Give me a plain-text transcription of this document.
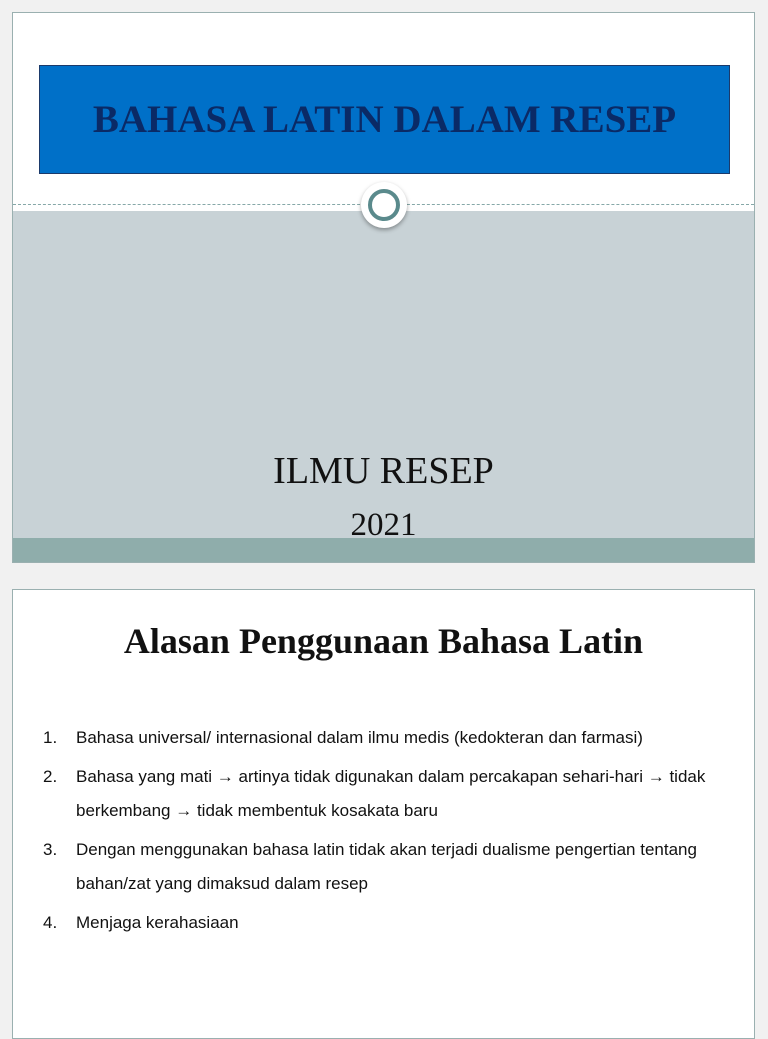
BAHASA LATIN DALAM RESEP
ILMU RESEP
2021
Alasan Penggunaan Bahasa Latin
1.	Bahasa universal/ internasional dalam ilmu medis (kedokteran dan farmasi)
2.	Bahasa yang mati → artinya tidak digunakan dalam percakapan sehari-hari → tidak berkembang → tidak membentuk kosakata baru
3.	Dengan menggunakan bahasa latin tidak akan terjadi dualisme pengertian tentang bahan/zat yang dimaksud dalam resep
4.	Menjaga kerahasiaan
